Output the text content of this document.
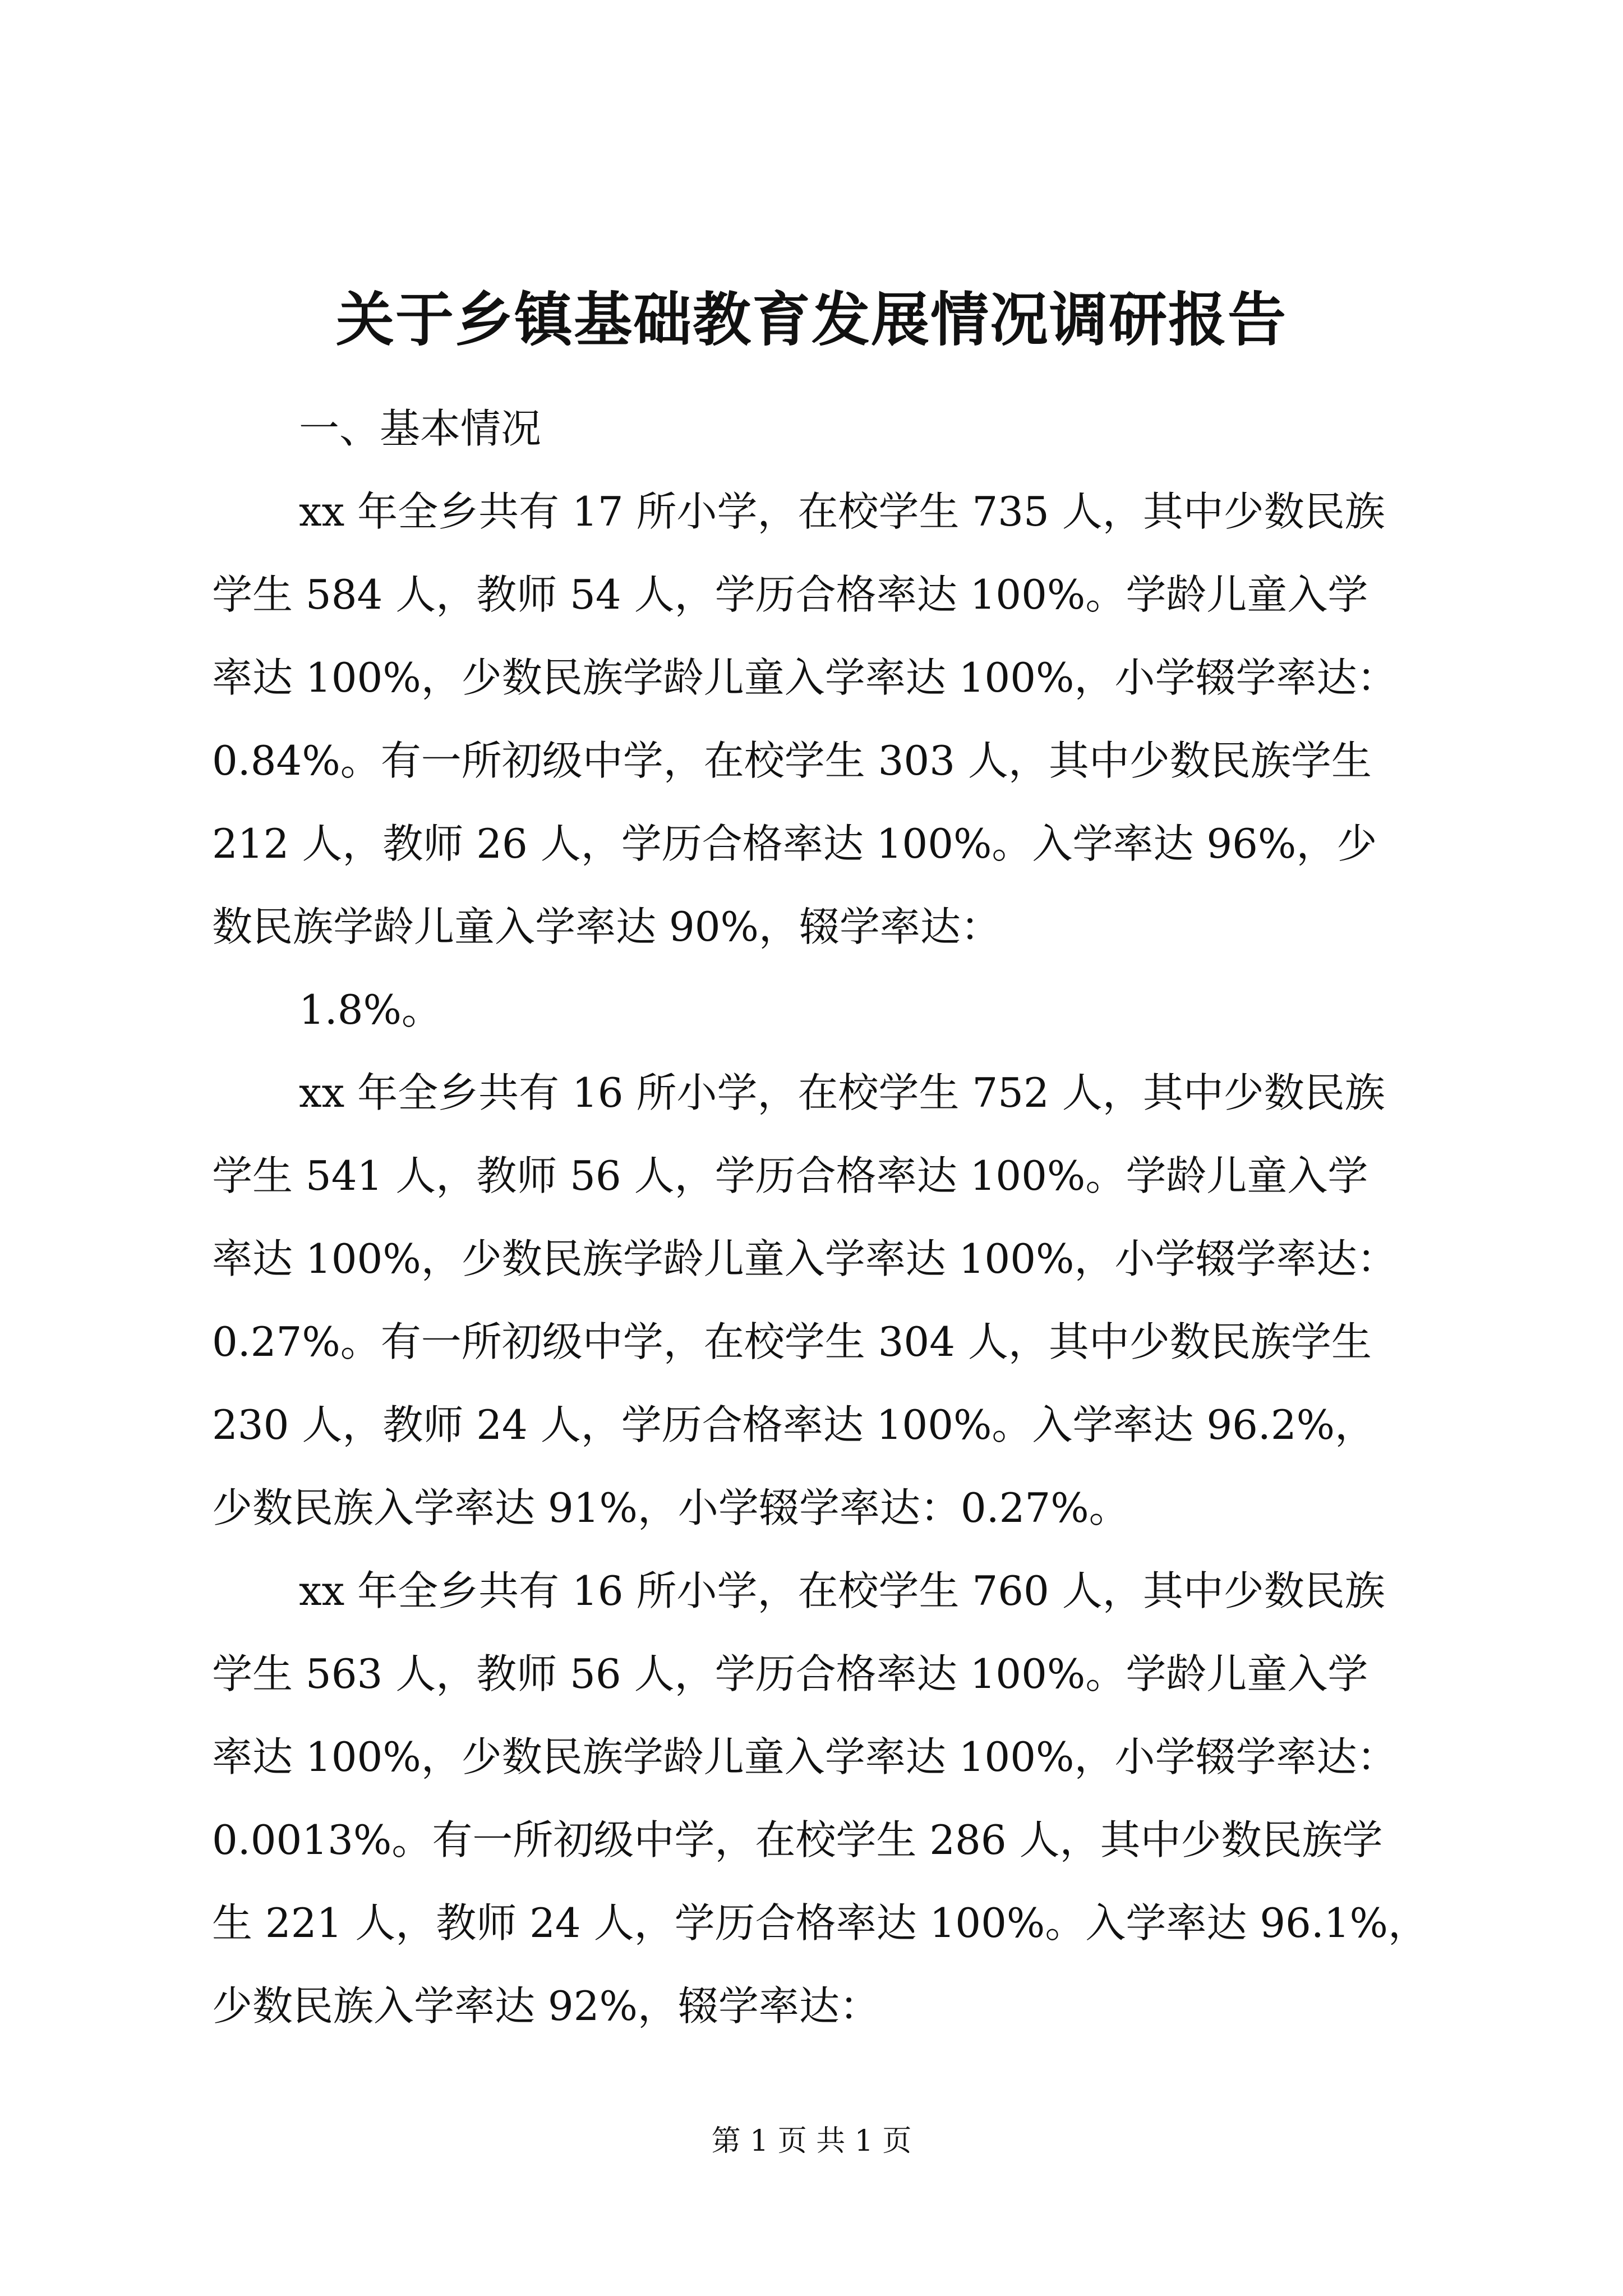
关于乡镇基础教育发展情况调研报告
一、基本情况
xx 年全乡共有 17 所小学，在校学生 735 人，其中少数民族
学生 584 人，教师 54 人，学历合格率达 100%。学龄儿童入学
率达 100%，少数民族学龄儿童入学率达 100%，小学辍学率达：
0.84%。有一所初级中学，在校学生 303 人，其中少数民族学生
212 人，教师 26 人，学历合格率达 100%。入学率达 96%，少
数民族学龄儿童入学率达 90%，辍学率达：
1.8%。
xx 年全乡共有 16 所小学，在校学生 752 人，其中少数民族
学生 541 人，教师 56 人，学历合格率达 100%。学龄儿童入学
率达 100%，少数民族学龄儿童入学率达 100%，小学辍学率达：
0.27%。有一所初级中学，在校学生 304 人，其中少数民族学生
230 人，教师 24 人，学历合格率达 100%。入学率达 96.2%，
少数民族入学率达 91%，小学辍学率达：0.27%。
xx 年全乡共有 16 所小学，在校学生 760 人，其中少数民族
学生 563 人，教师 56 人，学历合格率达 100%。学龄儿童入学
率达 100%，少数民族学龄儿童入学率达 100%，小学辍学率达：
0.0013%。有一所初级中学，在校学生 286 人，其中少数民族学
生 221 人，教师 24 人，学历合格率达 100%。入学率达 96.1%，
少数民族入学率达 92%，辍学率达：
第 1 页 共 1 页
